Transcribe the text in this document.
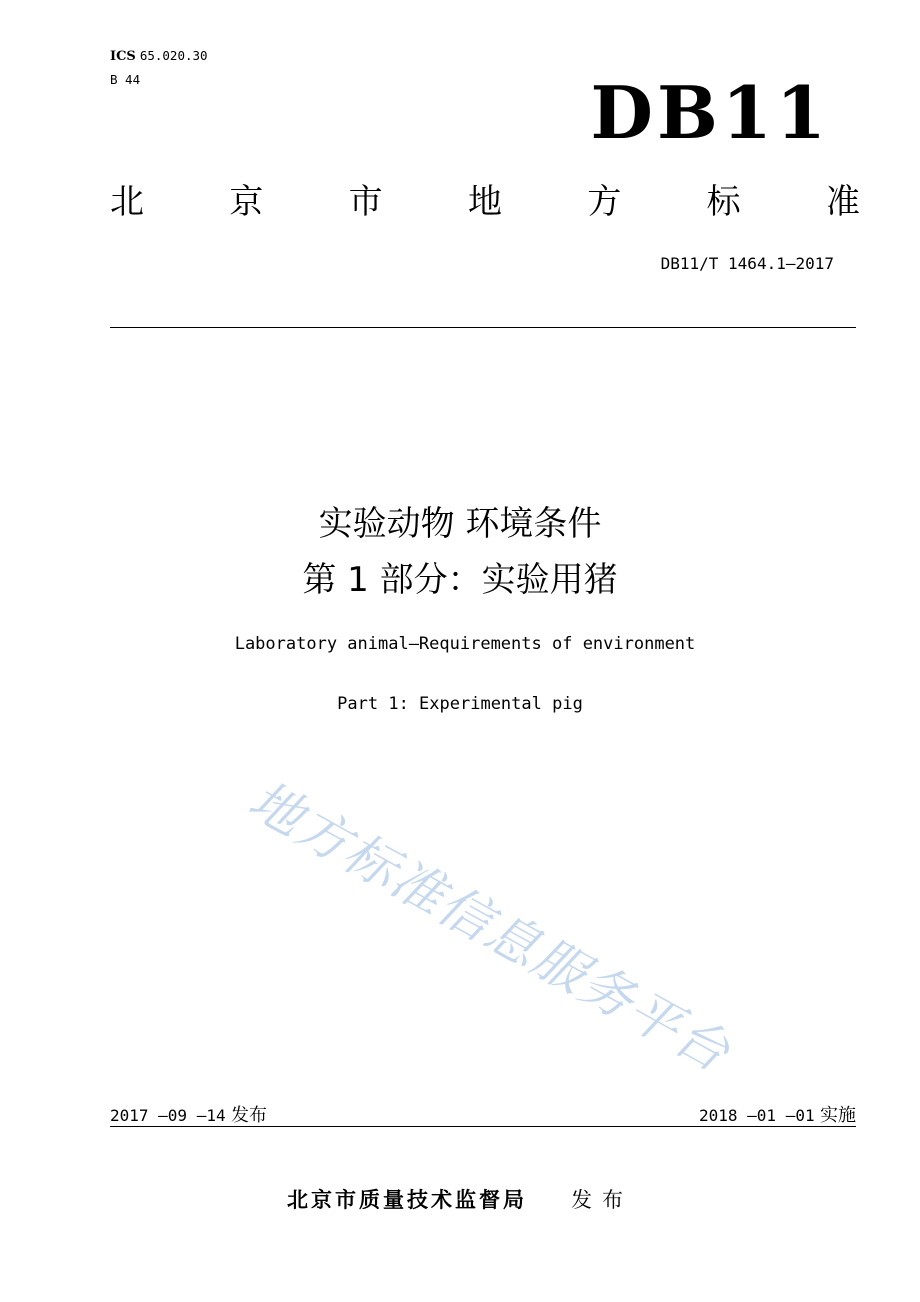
ICS 65.020.30
B 44	DB11
北	京	市	地	方	标	准
DB11/T 1464.1—2017
实验动物 环境条件
第 1 部分：实验用猪
Laboratory animal—Requirements of environment
Part 1: Experimental pig
地方标准信息服务平台
2017 —09 —14 发布	2018 —01 —01 实施
北京市质量技术监督局 发布
